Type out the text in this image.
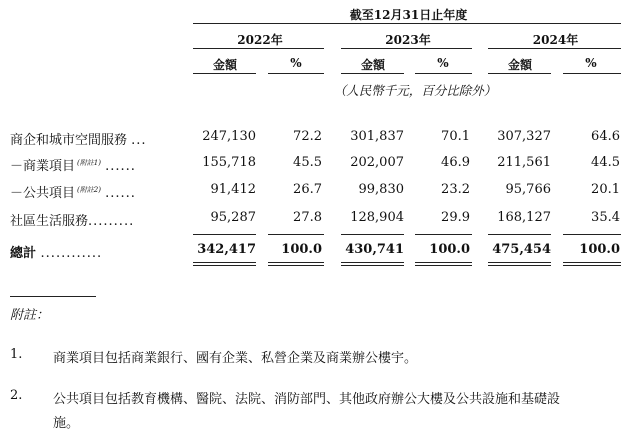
截至12月31日止年度
2022年	2023年	2024年
金額	%	金額	%	金額	%
（人民幣千元，百分比除外）
商企和城市空間服務 ...	247,130	72.2	301,837	70.1	307,327	64.6
－商業項目 $^{(附註1)}$ ......	155,718	45.5	202,007	46.9	211,561	44.5
－公共項目 $^{(附註2)}$ ......	91,412	26.7	99,830	23.2	95,766	20.1
社區生活服務.........	95,287	27.8	128,904	29.9	168,127	35.4
總計 ............	342,417	100.0	430,741	100.0	475,454	100.0
附註：
1. 商業項目包括商業銀行、國有企業、私營企業及商業辦公樓宇。
2. 公共項目包括教育機構、醫院、法院、消防部門、其他政府辦公大樓及公共設施和基礎設
施。
